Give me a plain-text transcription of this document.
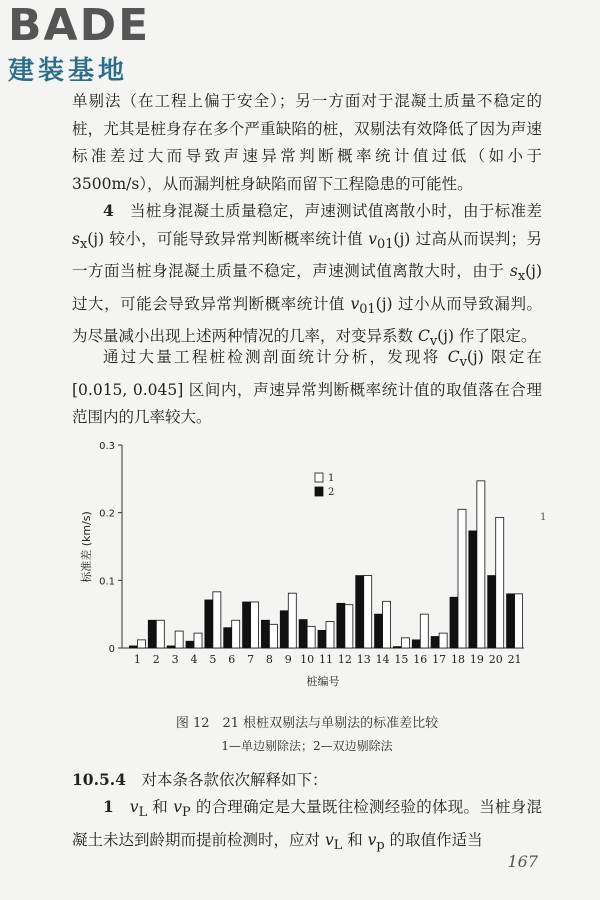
BADE
建装基地

单剔法（在工程上偏于安全）；另一方面对于混凝土质量不稳定的桩，尤其是桩身存在多个严重缺陷的桩，双剔法有效降低了因为声速标准差过大而导致声速异常判断概率统计值过低（如小于3500m/s），从而漏判桩身缺陷而留下工程隐患的可能性。

4　 当桩身混凝土质量稳定，声速测试值离散小时，由于标准差 $s_x(j)$ 较小，可能导致异常判断概率统计值 $v_{01}(j)$ 过高从而误判；另一方面当桩身混凝土质量不稳定，声速测试值离散大时，由于 $s_x(j)$ 过大，可能会导致异常判断概率统计值 $v_{01}(j)$ 过小从而导致漏判。为尽量减小出现上述两种情况的几率，对变异系数 $C_v(j)$ 作了限定。

通过大量工程桩检测剖面统计分析，发现将 $C_v(j)$ 限定在 [0.015, 0.045] 区间内，声速异常判断概率统计值的取值落在合理范围内的几率较大。

0
0.1
0.2
0.3
标准差 (km/s)
1 2 3 4 5 6 7 8 9 10 11 12 13 14 15 16 17 18 19 20 21
桩编号
1
2
1
图 12　21 根桩双剔法与单剔法的标准差比较
1—单边剔除法；2—双边剔除法
10.5.4　 对本条各款依次解释如下：

1　 $v_L$ 和 $v_P$ 的合理确定是大量既往检测经验的体现。当桩身混凝土未达到龄期而提前检测时，应对 $v_L$ 和 $v_p$ 的取值作适当

167
